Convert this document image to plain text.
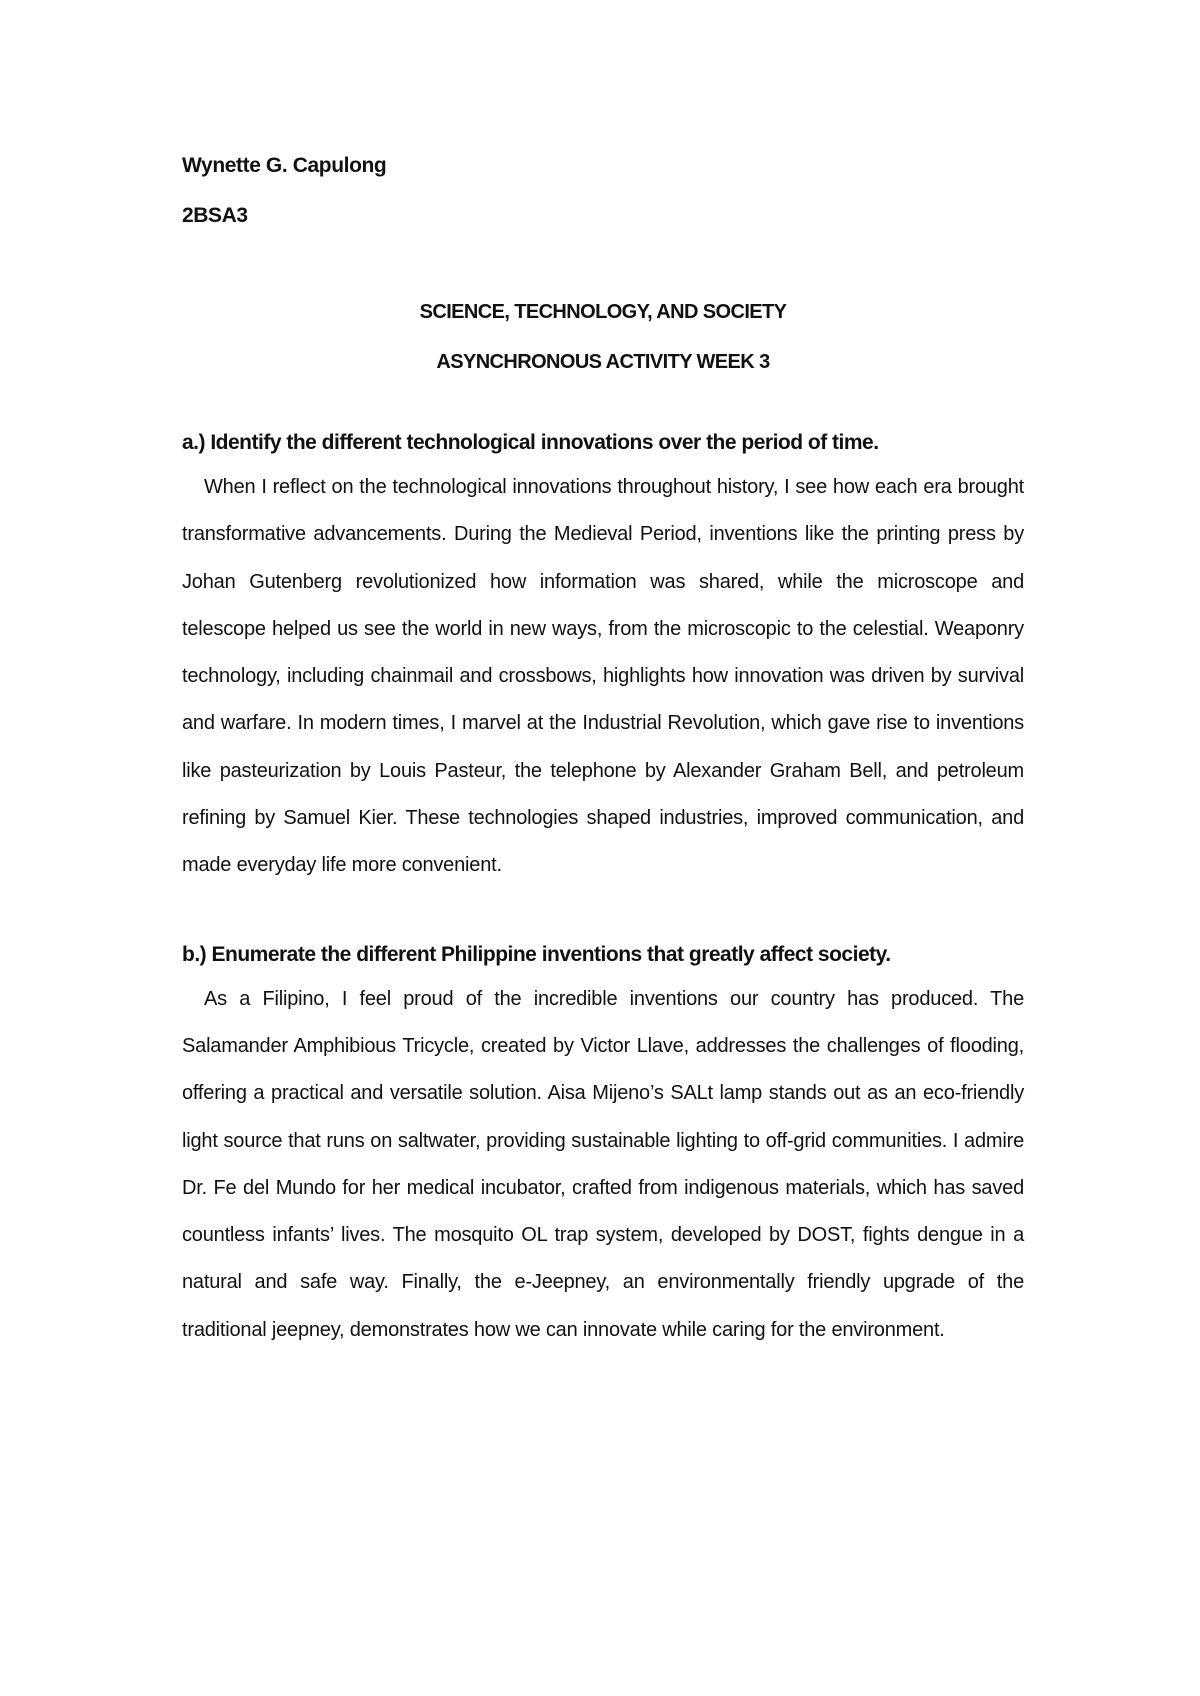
Wynette G. Capulong

2BSA3

SCIENCE, TECHNOLOGY, AND SOCIETY

ASYNCHRONOUS ACTIVITY WEEK 3

a.) Identify the different technological innovations over the period of time.

When I reflect on the technological innovations throughout history, I see how each era brought transformative advancements. During the Medieval Period, inventions like the printing press by Johan Gutenberg revolutionized how information was shared, while the microscope and telescope helped us see the world in new ways, from the microscopic to the celestial. Weaponry technology, including chainmail and crossbows, highlights how innovation was driven by survival and warfare. In modern times, I marvel at the Industrial Revolution, which gave rise to inventions like pasteurization by Louis Pasteur, the telephone by Alexander Graham Bell, and petroleum refining by Samuel Kier. These technologies shaped industries, improved communication, and made everyday life more convenient.

b.) Enumerate the different Philippine inventions that greatly affect society.

As a Filipino, I feel proud of the incredible inventions our country has produced. The Salamander Amphibious Tricycle, created by Victor Llave, addresses the challenges of flooding, offering a practical and versatile solution. Aisa Mijeno’s SALt lamp stands out as an eco-friendly light source that runs on saltwater, providing sustainable lighting to off-grid communities. I admire Dr. Fe del Mundo for her medical incubator, crafted from indigenous materials, which has saved countless infants’ lives. The mosquito OL trap system, developed by DOST, fights dengue in a natural and safe way. Finally, the e-Jeepney, an environmentally friendly upgrade of the traditional jeepney, demonstrates how we can innovate while caring for the environment.
